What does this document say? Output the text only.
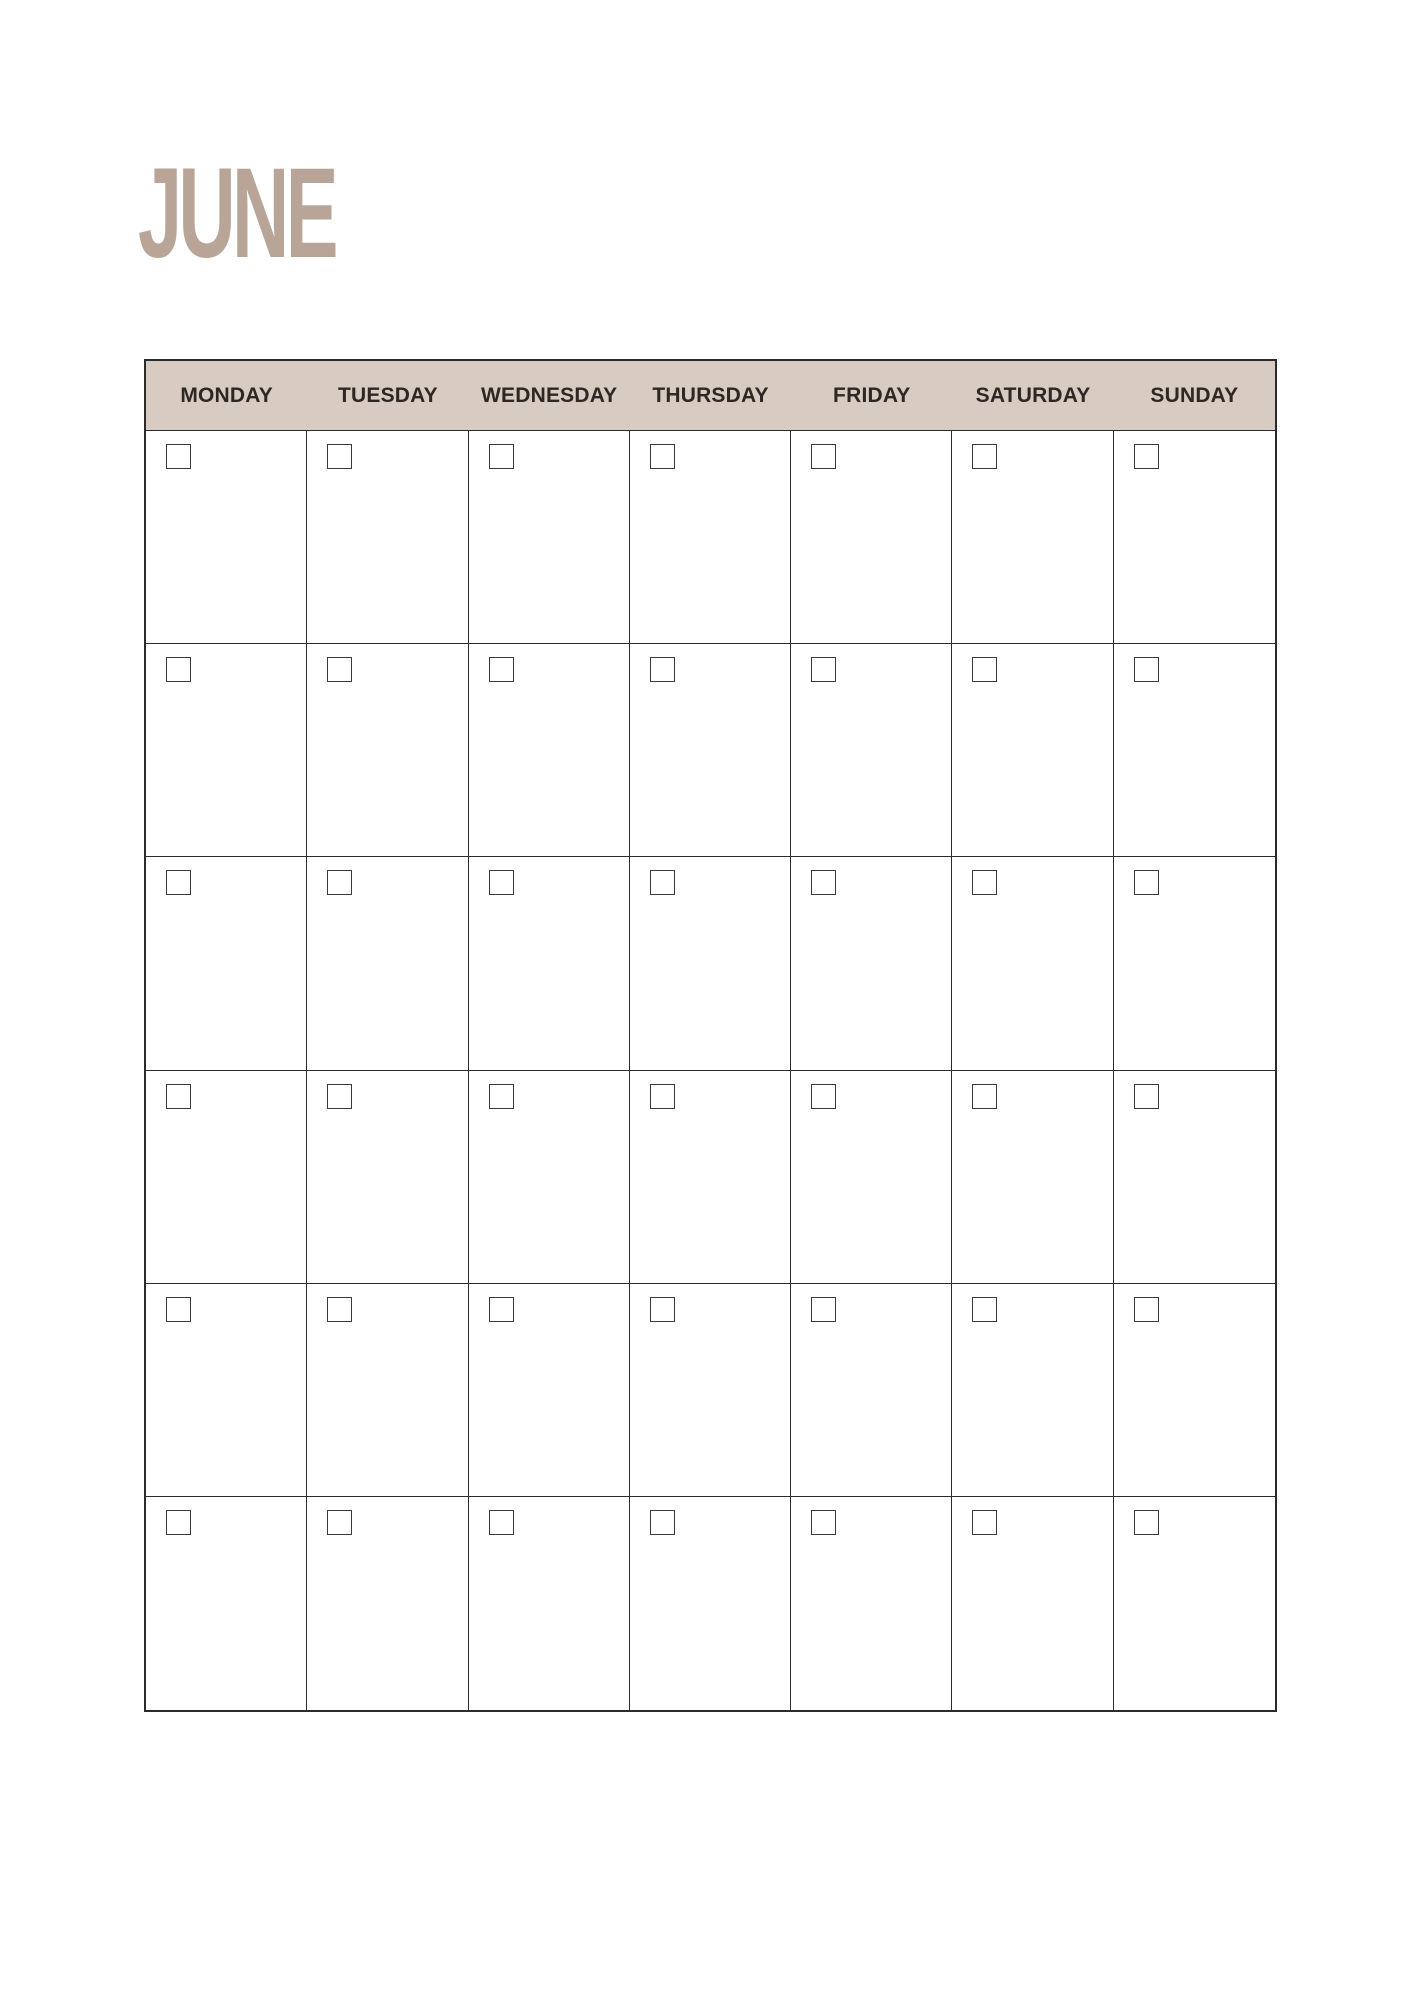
JUNE
MONDAY	TUESDAY	WEDNESDAY	THURSDAY	FRIDAY	SATURDAY	SUNDAY
